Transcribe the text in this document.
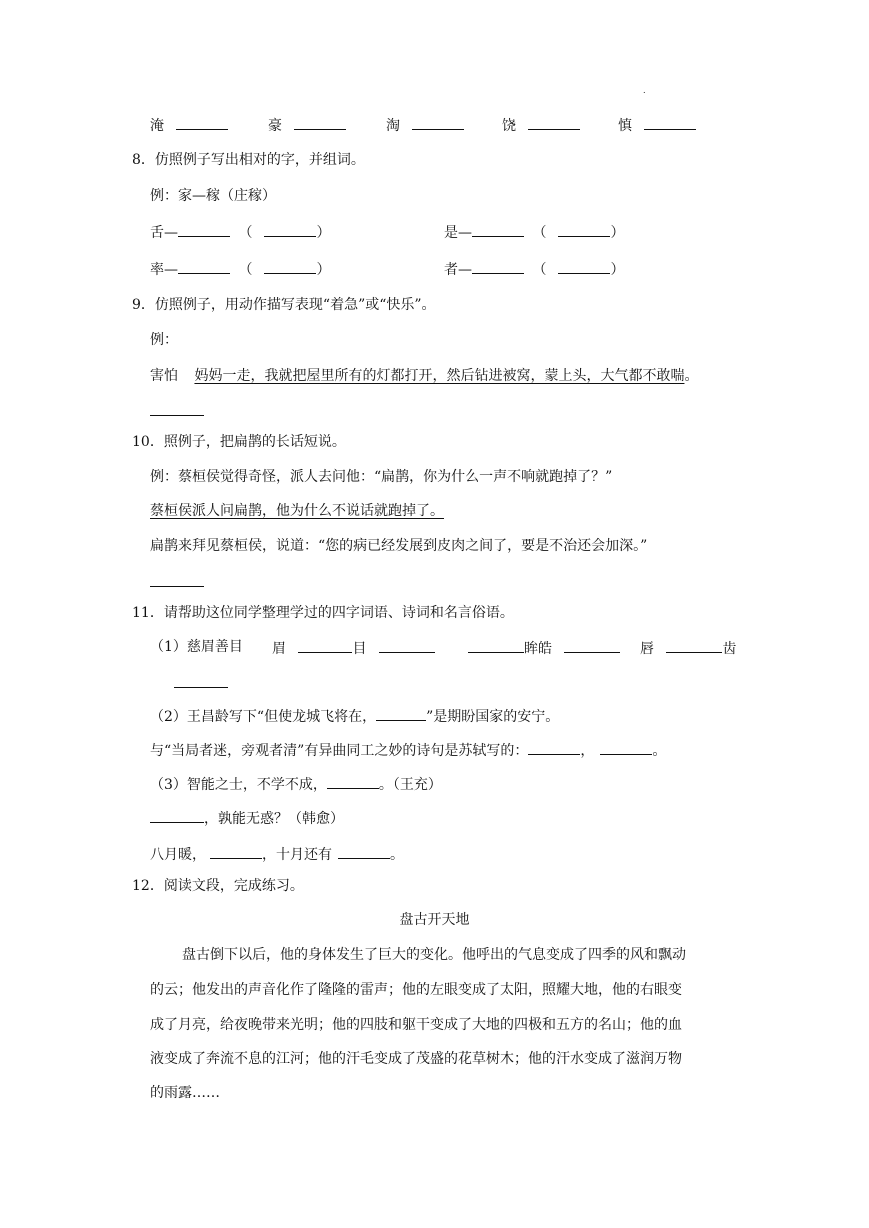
.
淹	豪	淘	饶	慎
8．仿照例子写出相对的字，并组词。
例：家—稼（庄稼）
舌—	（	）	是—	（	）
率—	（	）	者—	（	）
9．仿照例子，用动作描写表现“着急”或“快乐”。
例：
害怕 妈妈一走，我就把屋里所有的灯都打开，然后钻进被窝，蒙上头，大气都不敢喘。
10．照例子，把扁鹊的长话短说。
例：蔡桓侯觉得奇怪，派人去问他：“扁鹊，你为什么一声不响就跑掉了？”
蔡桓侯派人问扁鹊，他为什么不说话就跑掉了。
扁鹊来拜见蔡桓侯，说道：“您的病已经发展到皮肉之间了，要是不治还会加深。”
11．请帮助这位同学整理学过的四字词语、诗词和名言俗语。
（1）慈眉善目 眉	目	眸皓	唇	齿
（2）王昌龄写下“但使龙城飞将在，	”是期盼国家的安宁。
与“当局者迷，旁观者清”有异曲同工之妙的诗句是苏轼写的：	，	。
（3）智能之士，不学不成，	。（王充）
，孰能无惑？（韩愈）
八月暖，	，十月还有	。
12．阅读文段，完成练习。
盘古开天地
盘古倒下以后，他的身体发生了巨大的变化。他呼出的气息变成了四季的风和飘动
的云；他发出的声音化作了隆隆的雷声；他的左眼变成了太阳，照耀大地，他的右眼变
成了月亮，给夜晚带来光明；他的四肢和躯干变成了大地的四极和五方的名山；他的血
液变成了奔流不息的江河；他的汗毛变成了茂盛的花草树木；他的汗水变成了滋润万物
的雨露……
